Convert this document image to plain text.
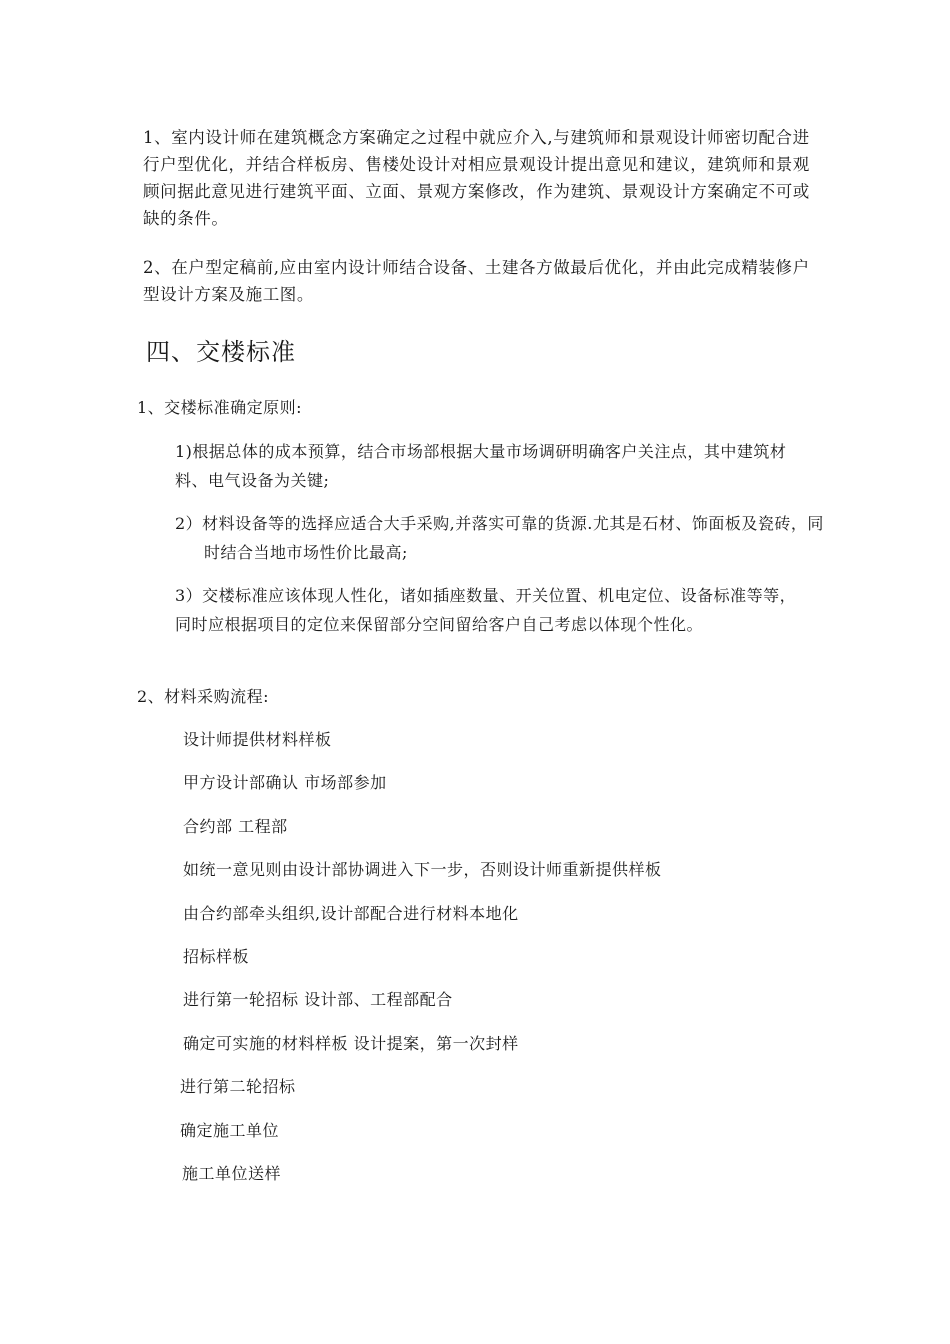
1、室内设计师在建筑概念方案确定之过程中就应介入,与建筑师和景观设计师密切配合进行户型优化，并结合样板房、售楼处设计对相应景观设计提出意见和建议，建筑师和景观顾问据此意见进行建筑平面、立面、景观方案修改，作为建筑、景观设计方案确定不可或缺的条件。

2、在户型定稿前,应由室内设计师结合设备、土建各方做最后优化，并由此完成精装修户型设计方案及施工图。

四、交楼标准

1、交楼标准确定原则:

1)根据总体的成本预算，结合市场部根据大量市场调研明确客户关注点，其中建筑材料、电气设备为关键;

2）材料设备等的选择应适合大手采购,并落实可靠的货源.尤其是石材、饰面板及瓷砖，同时结合当地市场性价比最高;

3）交楼标准应该体现人性化，诸如插座数量、开关位置、机电定位、设备标准等等，同时应根据项目的定位来保留部分空间留给客户自己考虑以体现个性化。

2、材料采购流程:

设计师提供材料样板

甲方设计部确认 市场部参加

合约部 工程部

如统一意见则由设计部协调进入下一步，否则设计师重新提供样板

由合约部牵头组织,设计部配合进行材料本地化

招标样板

进行第一轮招标 设计部、工程部配合

确定可实施的材料样板 设计提案，第一次封样

进行第二轮招标

确定施工单位

施工单位送样
